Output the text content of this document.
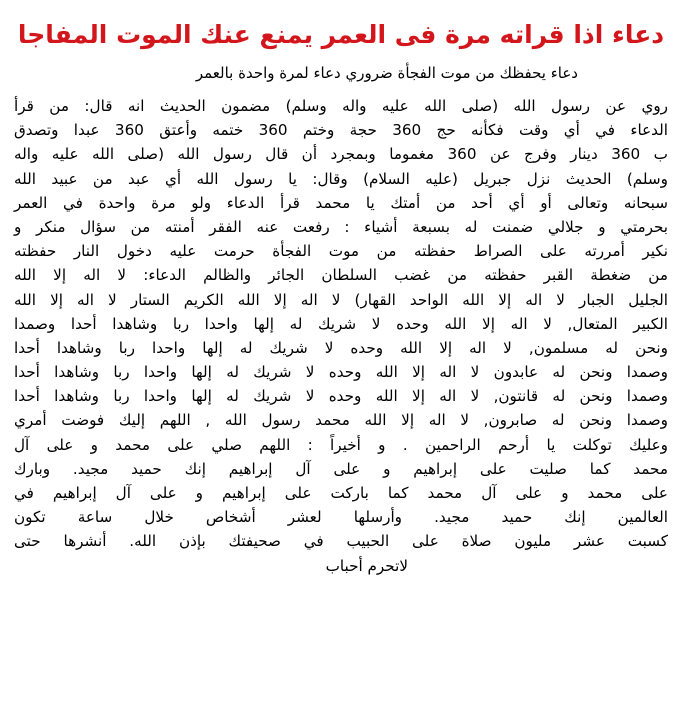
دعاء اذا قراته مرة فى العمر يمنع عنك الموت المفاجا
دعاء يحفظك من موت الفجأة ضروري دعاء لمرة واحدة بالعمر
روي عن رسول الله (صلى الله عليه واله وسلم) مضمون الحديث انه قال: من قرأ
الدعاء في أي وقت فكأنه حج 360 حجة وختم 360 ختمه وأعتق 360 عبدا وتصدق
ب 360 دينار وفرج عن 360 مغموما وبمجرد أن قال رسول الله (صلى الله عليه واله
وسلم) الحديث نزل جبريل (عليه السلام) وقال: يا رسول الله أي عبد من عبيد الله
سبحانه وتعالى أو أي أحد من أمتك يا محمد قرأ الدعاء ولو مرة واحدة في العمر
بحرمتي و جلالي ضمنت له بسبعة أشياء : رفعت عنه الفقر أمنته من سؤال منكر و
نكير أمررته على الصراط حفظته من موت الفجأة حرمت عليه دخول النار حفظته
من ضغطة القبر حفظته من غضب السلطان الجائر والظالم الدعاء: لا اله إلا الله
الجليل الجبار لا اله إلا الله الواحد القهار) لا اله إلا الله الكريم الستار لا اله إلا الله
الكبير المتعال, لا اله إلا الله وحده لا شريك له إلها واحدا ربا وشاهدا أحدا وصمدا
ونحن له مسلمون, لا اله إلا الله وحده لا شريك له إلها واحدا ربا وشاهدا أحدا
وصمدا ونحن له عابدون لا اله إلا الله وحده لا شريك له إلها واحدا ربا وشاهدا أحدا
وصمدا ونحن له قانتون, لا اله إلا الله وحده لا شريك له إلها واحدا ربا وشاهدا أحدا
وصمدا ونحن له صابرون, لا اله إلا الله محمد رسول الله , اللهم إليك فوضت أمري
وعليك توكلت يا أرحم الراحمين . و أخيراً : اللهم صلي على محمد و على آل
محمد كما صليت على إبراهيم و على آل إبراهيم إنك حميد مجيد. وبارك
على محمد و على آل محمد كما باركت على إبراهيم و على آل إبراهيم في
العالمين إنك حميد مجيد. وأرسلها لعشر أشخاص خلال ساعة تكون
كسبت عشر مليون صلاة على الحبيب في صحيفتك بإذن الله. أنشرها حتى
لاتحرم أحباب
